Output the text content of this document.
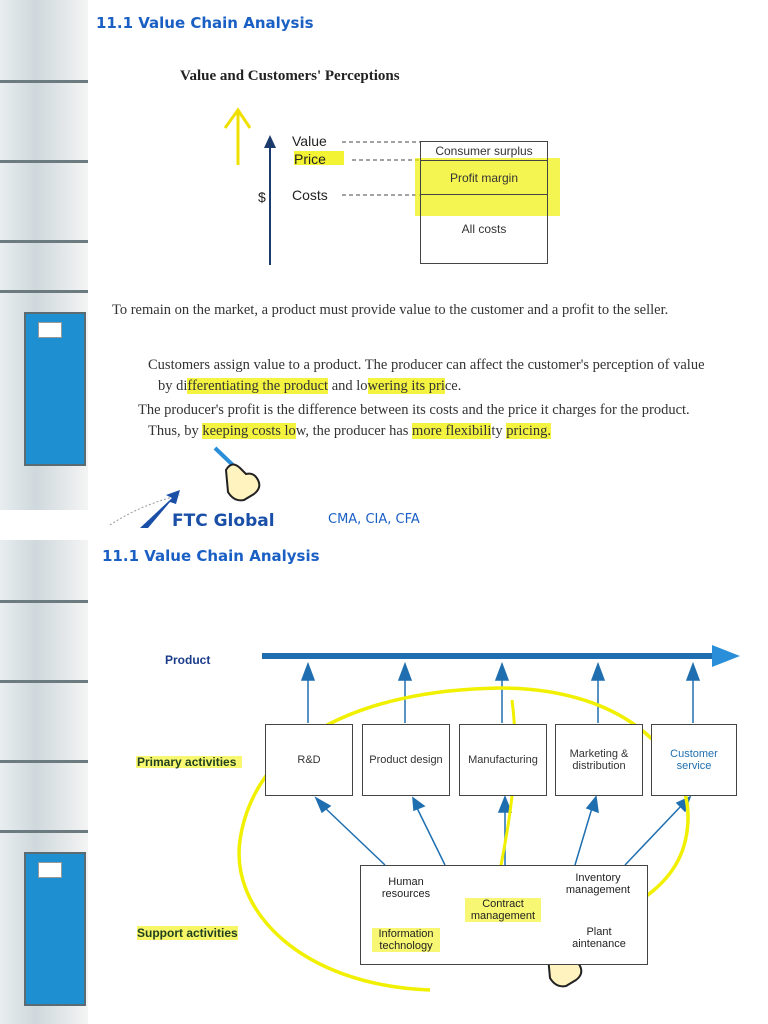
11.1 Value Chain Analysis
Value and Customers' Perceptions
Value
Price
Costs
$
Consumer surplus
Profit margin
All costs
To remain on the market, a product must provide value to the customer and a profit to the seller.
Customers assign value to a product. The producer can affect the customer's perception of value by differentiating the product and lowering its price.
The producer's profit is the difference between its costs and the price it charges for the product. Thus, by keeping costs low, the producer has more flexibility pricing.
FTC Global	CMA, CIA, CFA
11.1 Value Chain Analysis
Product
Primary activities
Support activities
R&D	Product design	Manufacturing	Marketing & distribution
Customer service
Human resources
Inventory management
Contract management
Information technology
Plant aintenance
